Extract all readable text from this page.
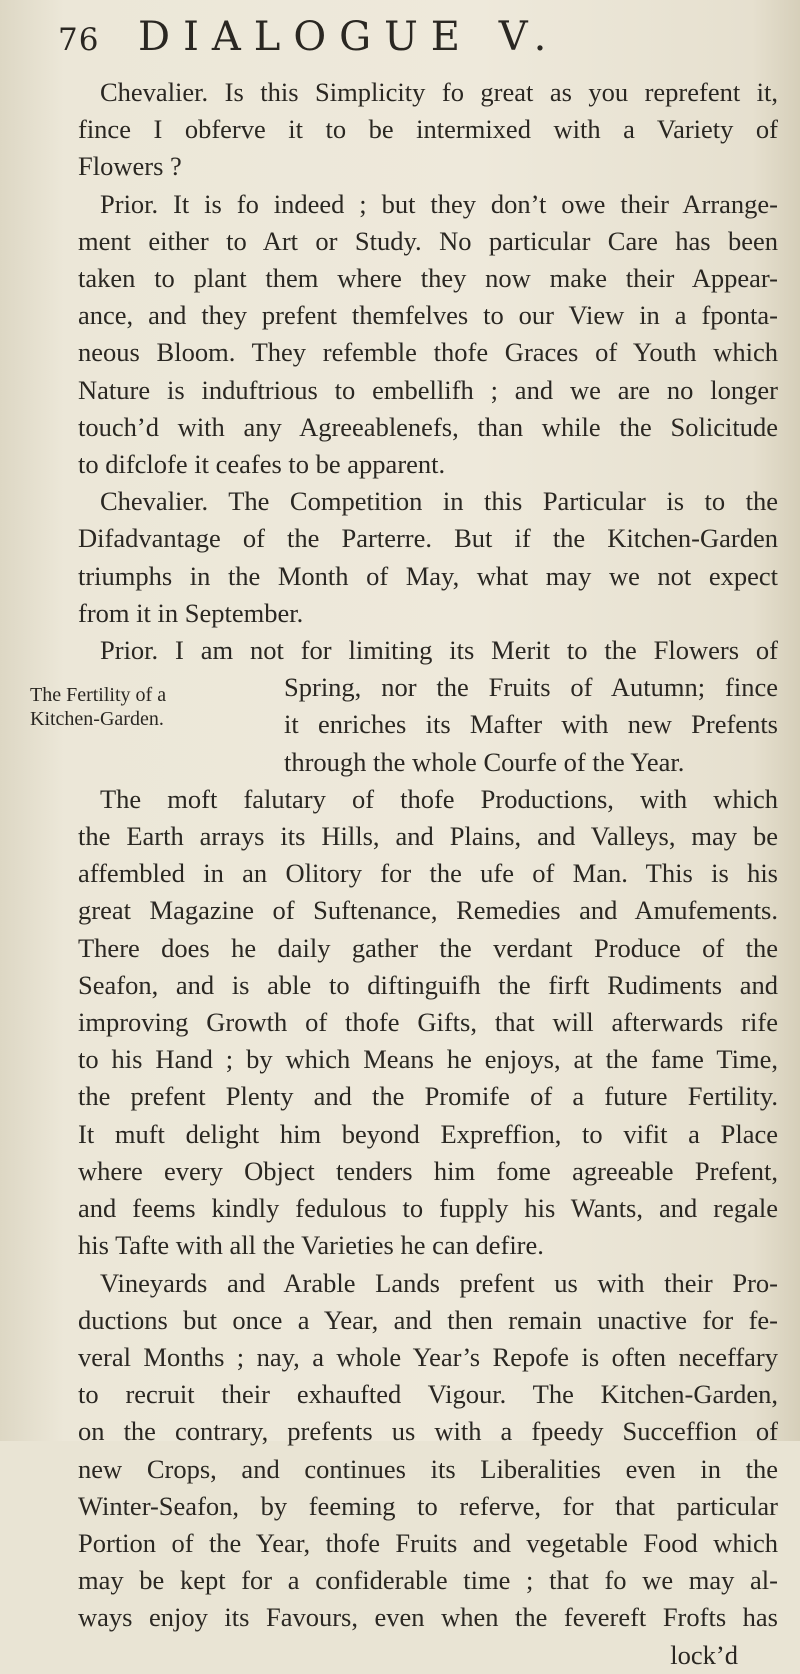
76 DIALOGUE V.
Chevalier. Is this Simplicity fo great as you reprefent it,
fince I obferve it to be intermixed with a Variety of
Flowers ?
Prior. It is fo indeed ; but they don’t owe their Arrange-
ment either to Art or Study. No particular Care has been
taken to plant them where they now make their Appear-
ance, and they prefent themfelves to our View in a fponta-
neous Bloom. They refemble thofe Graces of Youth which
Nature is induftrious to embellifh ; and we are no longer
touch’d with any Agreeablenefs, than while the Solicitude
to difclofe it ceafes to be apparent.
Chevalier. The Competition in this Particular is to the
Difadvantage of the Parterre. But if the Kitchen-Garden
triumphs in the Month of May, what may we not expect
from it in September.
Prior. I am not for limiting its Merit to the Flowers of
The Fertility of a
Kitchen-Garden.
Spring, nor the Fruits of Autumn; fince
it enriches its Mafter with new Prefents
through the whole Courfe of the Year.
The moft falutary of thofe Productions, with which
the Earth arrays its Hills, and Plains, and Valleys, may be
affembled in an Olitory for the ufe of Man. This is his
great Magazine of Suftenance, Remedies and Amufements.
There does he daily gather the verdant Produce of the
Seafon, and is able to diftinguifh the firft Rudiments and
improving Growth of thofe Gifts, that will afterwards rife
to his Hand ; by which Means he enjoys, at the fame Time,
the prefent Plenty and the Promife of a future Fertility.
It muft delight him beyond Expreffion, to vifit a Place
where every Object tenders him fome agreeable Prefent,
and feems kindly fedulous to fupply his Wants, and regale
his Tafte with all the Varieties he can defire.
Vineyards and Arable Lands prefent us with their Pro-
ductions but once a Year, and then remain unactive for fe-
veral Months ; nay, a whole Year’s Repofe is often neceffary
to recruit their exhaufted Vigour. The Kitchen-Garden,
on the contrary, prefents us with a fpeedy Succeffion of
new Crops, and continues its Liberalities even in the
Winter-Seafon, by feeming to referve, for that particular
Portion of the Year, thofe Fruits and vegetable Food which
may be kept for a confiderable time ; that fo we may al-
ways enjoy its Favours, even when the fevereft Frofts has
lock’d
